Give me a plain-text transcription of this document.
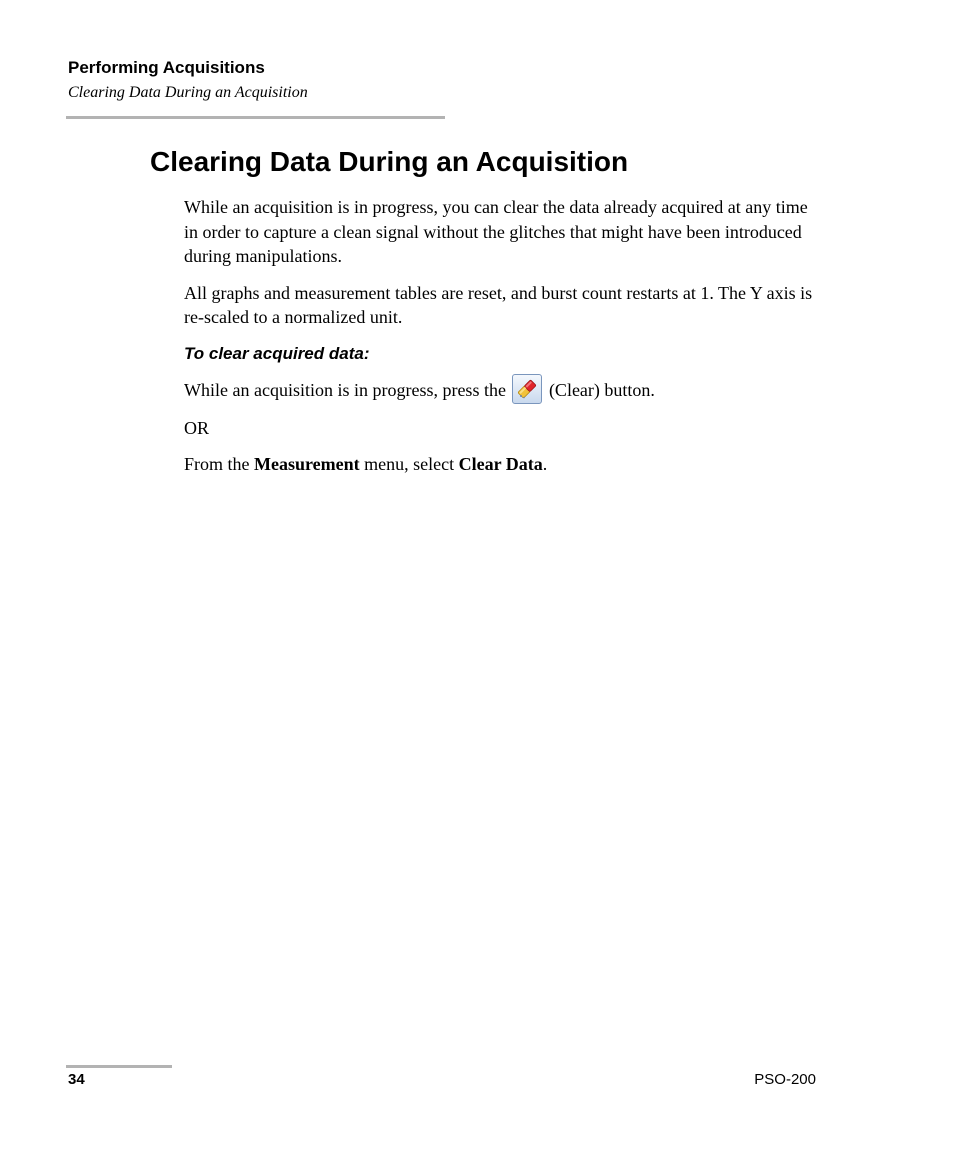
Performing Acquisitions
Clearing Data During an Acquisition
Clearing Data During an Acquisition

While an acquisition is in progress, you can clear the data already acquired at any time in order to capture a clean signal without the glitches that might have been introduced during manipulations.

All graphs and measurement tables are reset, and burst count restarts at 1. The Y axis is re-scaled to a normalized unit.

To clear acquired data:

While an acquisition is in progress, press the
(Clear) button.

OR

From the Measurement menu, select Clear Data.

34	PSO-200
